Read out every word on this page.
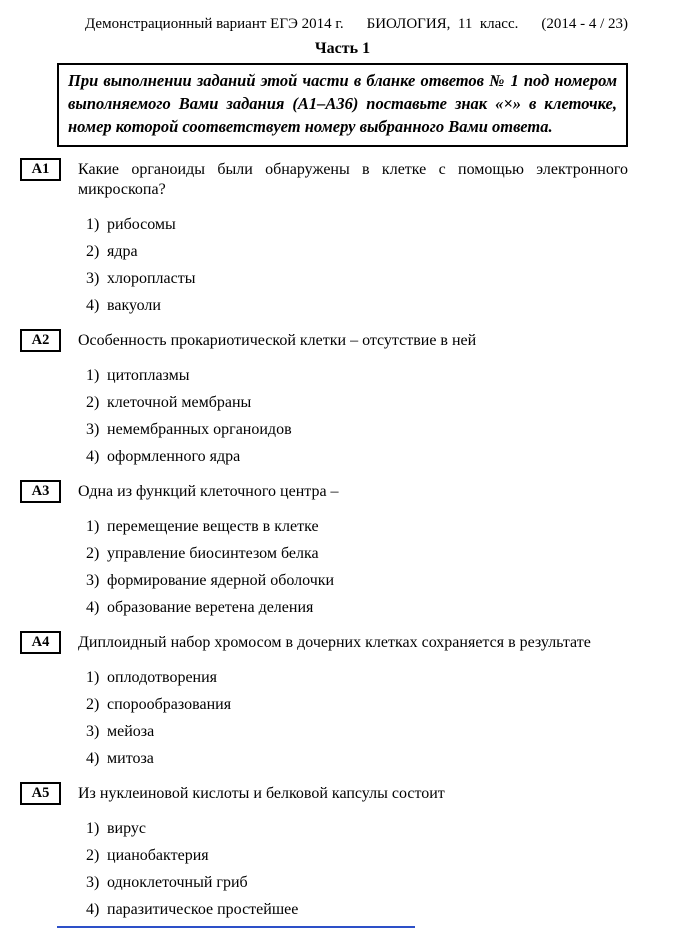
Демонстрационный вариант ЕГЭ 2014 г. БИОЛОГИЯ,  11  класс. (2014 - 4 / 23)
Часть 1
При выполнении заданий этой части в бланке ответов № 1 под номером выполняемого Вами задания (А1–А36) поставьте знак «×» в клеточке, номер которой соответствует номеру выбранного Вами ответа.
А1	Какие органоиды были обнаружены в клетке с помощью электронного микроскопа?
1) рибосомы
2) ядра
3) хлоропласты
4) вакуоли
А2	Особенность прокариотической клетки – отсутствие в ней
1) цитоплазмы
2) клеточной мембраны
3) немембранных органоидов
4) оформленного ядра
А3	Одна из функций клеточного центра –
1) перемещение веществ в клетке
2) управление биосинтезом белка
3) формирование ядерной оболочки
4) образование веретена деления
А4	Диплоидный набор хромосом в дочерних клетках сохраняется в результате
1) оплодотворения
2) спорообразования
3) мейоза
4) митоза
А5	Из нуклеиновой кислоты и белковой капсулы состоит
1) вирус
2) цианобактерия
3) одноклеточный гриб
4) паразитическое простейшее
